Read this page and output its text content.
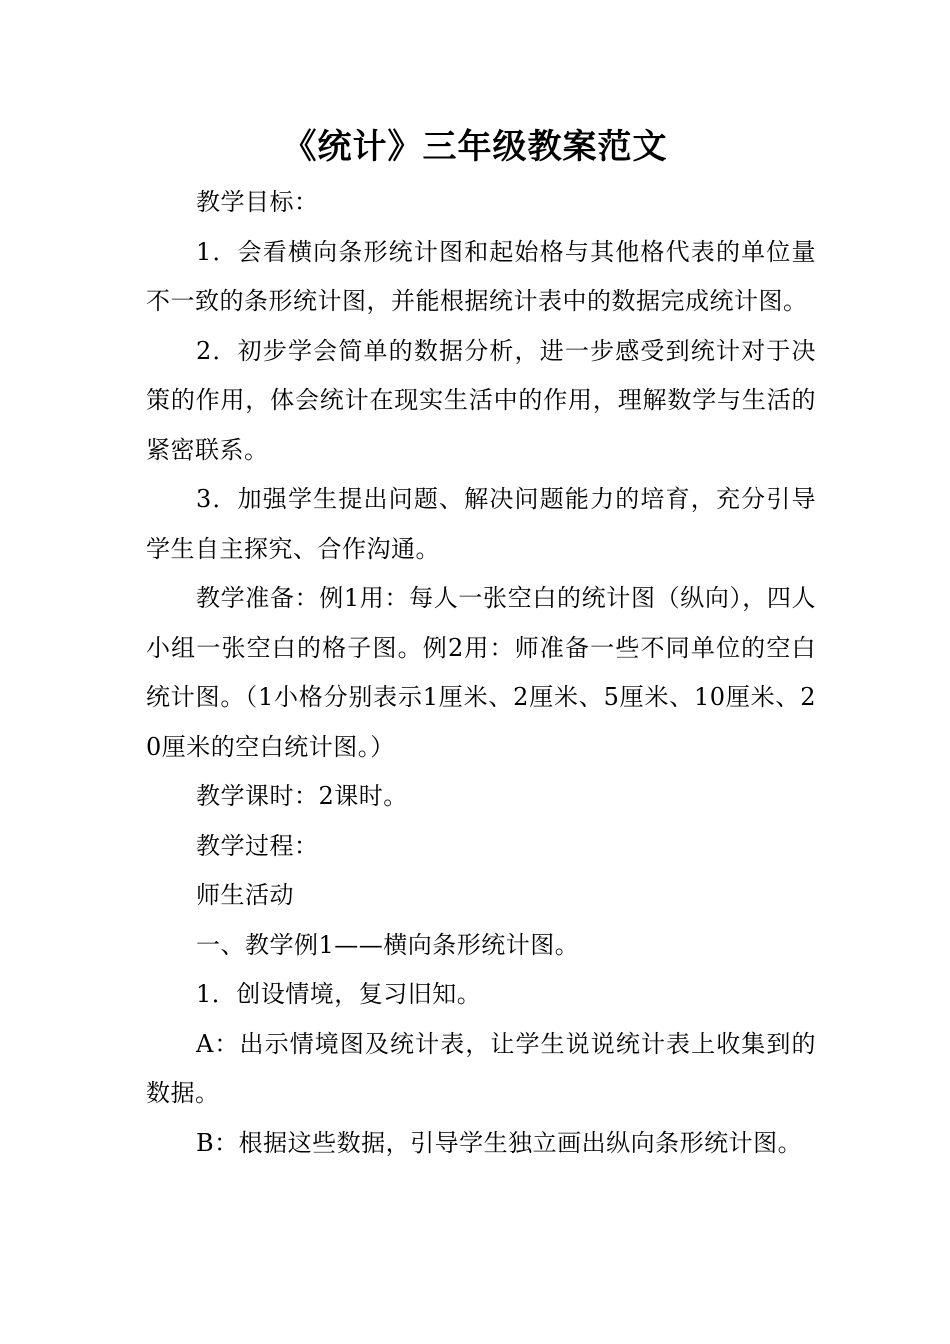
《统计》三年级教案范文

教学目标：

1．会看横向条形统计图和起始格与其他格代表的单位量不一致的条形统计图，并能根据统计表中的数据完成统计图。

2．初步学会简单的数据分析，进一步感受到统计对于决策的作用，体会统计在现实生活中的作用，理解数学与生活的紧密联系。

3．加强学生提出问题、解决问题能力的培育，充分引导学生自主探究、合作沟通。

教学准备：例1用：每人一张空白的统计图（纵向），四人小组一张空白的格子图。例2用：师准备一些不同单位的空白统计图。（1小格分别表示1厘米、2厘米、5厘米、10厘米、20厘米的空白统计图。）

教学课时：2课时。

教学过程：

师生活动

一、教学例1——横向条形统计图。

1．创设情境，复习旧知。

A：出示情境图及统计表，让学生说说统计表上收集到的数据。

B：根据这些数据，引导学生独立画出纵向条形统计图。
